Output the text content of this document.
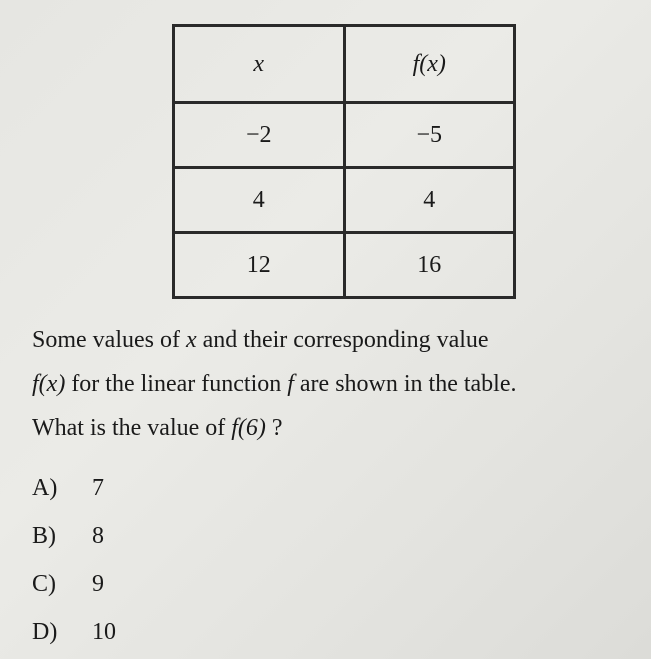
x	f(x)
−2	−5
4	4
12	16

Some values of x and their corresponding value

f(x) for the linear function f are shown in the table.

What is the value of f(6) ?

A)	7
B)	8
C)	9
D)	10
